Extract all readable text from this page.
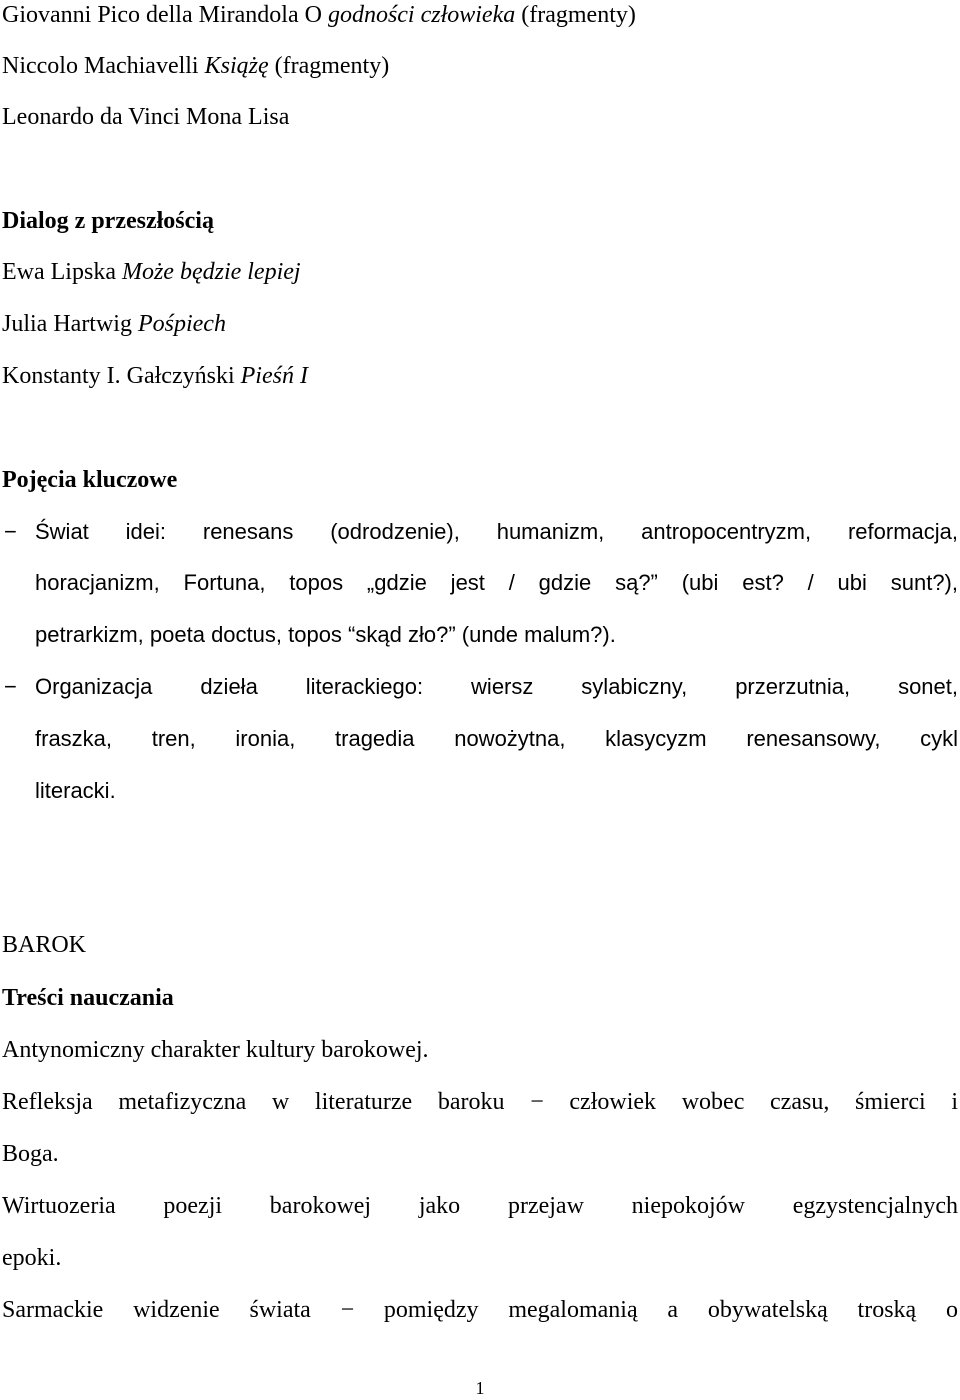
Giovanni Pico della Mirandola O godności człowieka (fragmenty)
Niccolo Machiavelli Książę (fragmenty)
Leonardo da Vinci Mona Lisa
Dialog z przeszłością
Ewa Lipska Może będzie lepiej
Julia Hartwig Pośpiech
Konstanty I. Gałczyński Pieśń I
Pojęcia kluczowe
− Świat idei: renesans (odrodzenie), humanizm, antropocentryzm, reformacja,
horacjanizm, Fortuna, topos „gdzie jest / gdzie są?” (ubi est? / ubi sunt?),
petrarkizm, poeta doctus, topos “skąd zło?” (unde malum?).
− Organizacja dzieła literackiego: wiersz sylabiczny, przerzutnia, sonet,
fraszka, tren, ironia, tragedia nowożytna, klasycyzm renesansowy, cykl
literacki.
BAROK
Treści nauczania
Antynomiczny charakter kultury barokowej.
Refleksja metafizyczna w literaturze baroku − człowiek wobec czasu, śmierci i
Boga.
Wirtuozeria poezji barokowej jako przejaw niepokojów egzystencjalnych
epoki.
Sarmackie widzenie świata − pomiędzy megalomanią a obywatelską troską o
1
